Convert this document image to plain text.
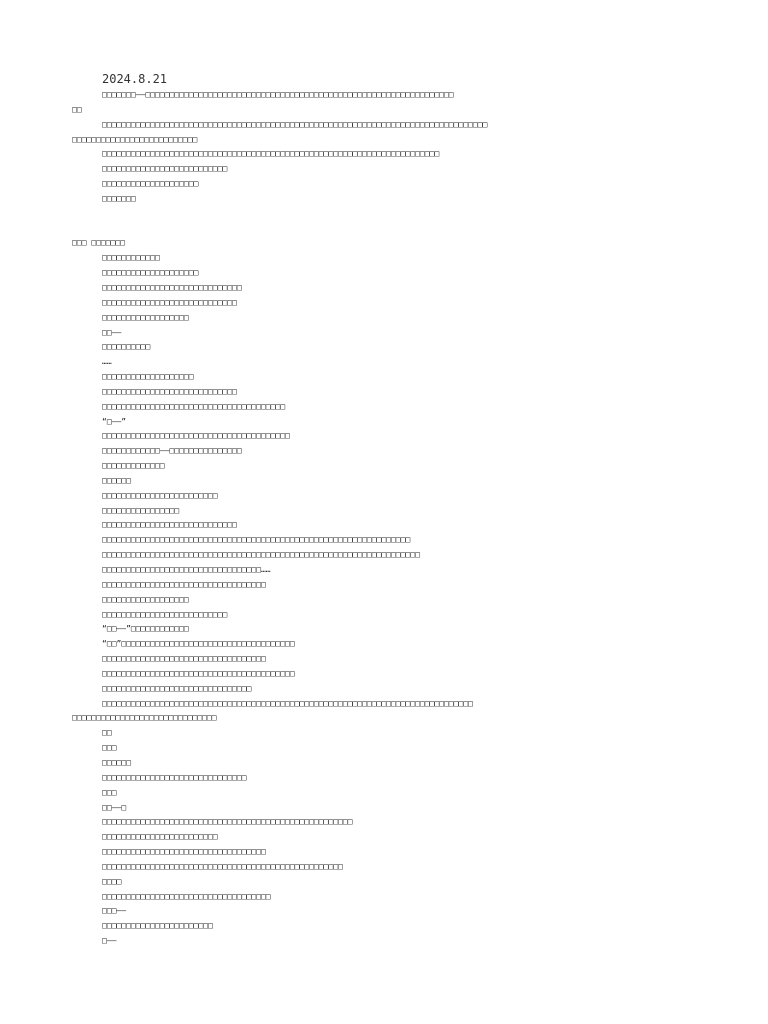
2024.8.21
□□□□□□□——□□□□□□□□□□□□□□□□□□□□□□□□□□□□□□□□□□□□□□□□□□□□□□□□□□□□□□□□□□□□□□□□
□□
□□□□□□□□□□□□□□□□□□□□□□□□□□□□□□□□□□□□□□□□□□□□□□□□□□□□□□□□□□□□□□□□□□□□□□□□□□□□□□□□
□□□□□□□□□□□□□□□□□□□□□□□□□□
□□□□□□□□□□□□□□□□□□□□□□□□□□□□□□□□□□□□□□□□□□□□□□□□□□□□□□□□□□□□□□□□□□□□□□
□□□□□□□□□□□□□□□□□□□□□□□□□□
□□□□□□□□□□□□□□□□□□□□
□□□□□□□
□□□ □□□□□□□
□□□□□□□□□□□□
□□□□□□□□□□□□□□□□□□□□
□□□□□□□□□□□□□□□□□□□□□□□□□□□□□
□□□□□□□□□□□□□□□□□□□□□□□□□□□□
□□□□□□□□□□□□□□□□□□
□□——
□□□□□□□□□□
……
□□□□□□□□□□□□□□□□□□□
□□□□□□□□□□□□□□□□□□□□□□□□□□□□
□□□□□□□□□□□□□□□□□□□□□□□□□□□□□□□□□□□□□□
“□——”
□□□□□□□□□□□□□□□□□□□□□□□□□□□□□□□□□□□□□□□
□□□□□□□□□□□□——□□□□□□□□□□□□□□□
□□□□□□□□□□□□□
□□□□□□
□□□□□□□□□□□□□□□□□□□□□□□□
□□□□□□□□□□□□□□□□
□□□□□□□□□□□□□□□□□□□□□□□□□□□□
□□□□□□□□□□□□□□□□□□□□□□□□□□□□□□□□□□□□□□□□□□□□□□□□□□□□□□□□□□□□□□□□
□□□□□□□□□□□□□□□□□□□□□□□□□□□□□□□□□□□□□□□□□□□□□□□□□□□□□□□□□□□□□□□□□□
□□□□□□□□□□□□□□□□□□□□□□□□□□□□□□□□□……
□□□□□□□□□□□□□□□□□□□□□□□□□□□□□□□□□□
□□□□□□□□□□□□□□□□□□
□□□□□□□□□□□□□□□□□□□□□□□□□□
“□□——”□□□□□□□□□□□□
“□□”□□□□□□□□□□□□□□□□□□□□□□□□□□□□□□□□□□□□
□□□□□□□□□□□□□□□□□□□□□□□□□□□□□□□□□□
□□□□□□□□□□□□□□□□□□□□□□□□□□□□□□□□□□□□□□□□
□□□□□□□□□□□□□□□□□□□□□□□□□□□□□□□
□□□□□□□□□□□□□□□□□□□□□□□□□□□□□□□□□□□□□□□□□□□□□□□□□□□□□□□□□□□□□□□□□□□□□□□□□□□□□
□□□□□□□□□□□□□□□□□□□□□□□□□□□□□□
□□
□□□
□□□□□□
□□□□□□□□□□□□□□□□□□□□□□□□□□□□□□
□□□
□□——□
□□□□□□□□□□□□□□□□□□□□□□□□□□□□□□□□□□□□□□□□□□□□□□□□□□□□
□□□□□□□□□□□□□□□□□□□□□□□□
□□□□□□□□□□□□□□□□□□□□□□□□□□□□□□□□□□
□□□□□□□□□□□□□□□□□□□□□□□□□□□□□□□□□□□□□□□□□□□□□□□□□□
□□□□
□□□□□□□□□□□□□□□□□□□□□□□□□□□□□□□□□□□
□□□——
□□□□□□□□□□□□□□□□□□□□□□□
□——
